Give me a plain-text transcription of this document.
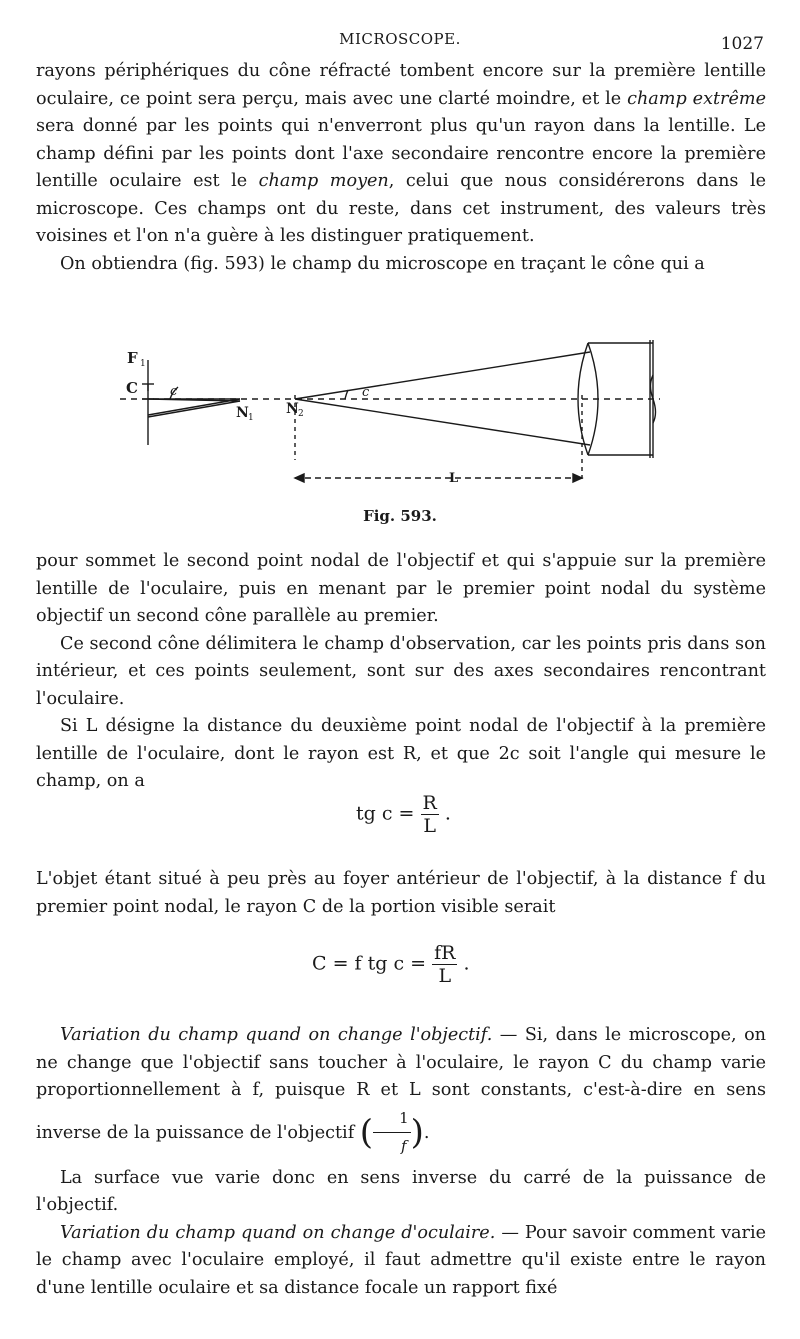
MICROSCOPE.	1027

rayons périphériques du cône réfracté tombent encore sur la première lentille oculaire, ce point sera perçu, mais avec une clarté moindre, et le champ extrême sera donné par les points qui n'enverront plus qu'un rayon dans la lentille. Le champ défini par les points dont l'axe secondaire rencontre encore la première lentille oculaire est le champ moyen, celui que nous considérerons dans le microscope. Ces champs ont du reste, dans cet instrument, des valeurs très voisines et l'on n'a guère à les distinguer pratiquement.

On obtiendra (fig. 593) le champ du microscope en traçant le cône qui a

F 1
C c
N 1
N 2
c
L
Fig. 593.

pour sommet le second point nodal de l'objectif et qui s'appuie sur la première lentille de l'oculaire, puis en menant par le premier point nodal du système objectif un second cône parallèle au premier.

Ce second cône délimitera le champ d'observation, car les points pris dans son intérieur, et ces points seulement, sont sur des axes secondaires rencontrant l'oculaire.

Si L désigne la distance du deuxième point nodal de l'objectif à la première lentille de l'oculaire, dont le rayon est R, et que 2c soit l'angle qui mesure le champ, on a

tg $c = \frac{R}{L}$ .

L'objet étant situé à peu près au foyer antérieur de l'objectif, à la distance f du premier point nodal, le rayon C de la portion visible serait

C = f tg $c = \frac{fR}{L}$ .

Variation du champ quand on change l'objectif. — Si, dans le microscope, on ne change que l'objectif sans toucher à l'oculaire, le rayon C du champ varie proportionnellement à f, puisque R et L sont constants, c'est-à-dire en sens inverse de la puissance de l'objectif ( $\frac{1}{f}$ ).

La surface vue varie donc en sens inverse du carré de la puissance de l'objectif.

Variation du champ quand on change d'oculaire. — Pour savoir comment varie le champ avec l'oculaire employé, il faut admettre qu'il existe entre le rayon d'une lentille oculaire et sa distance focale un rapport fixé
